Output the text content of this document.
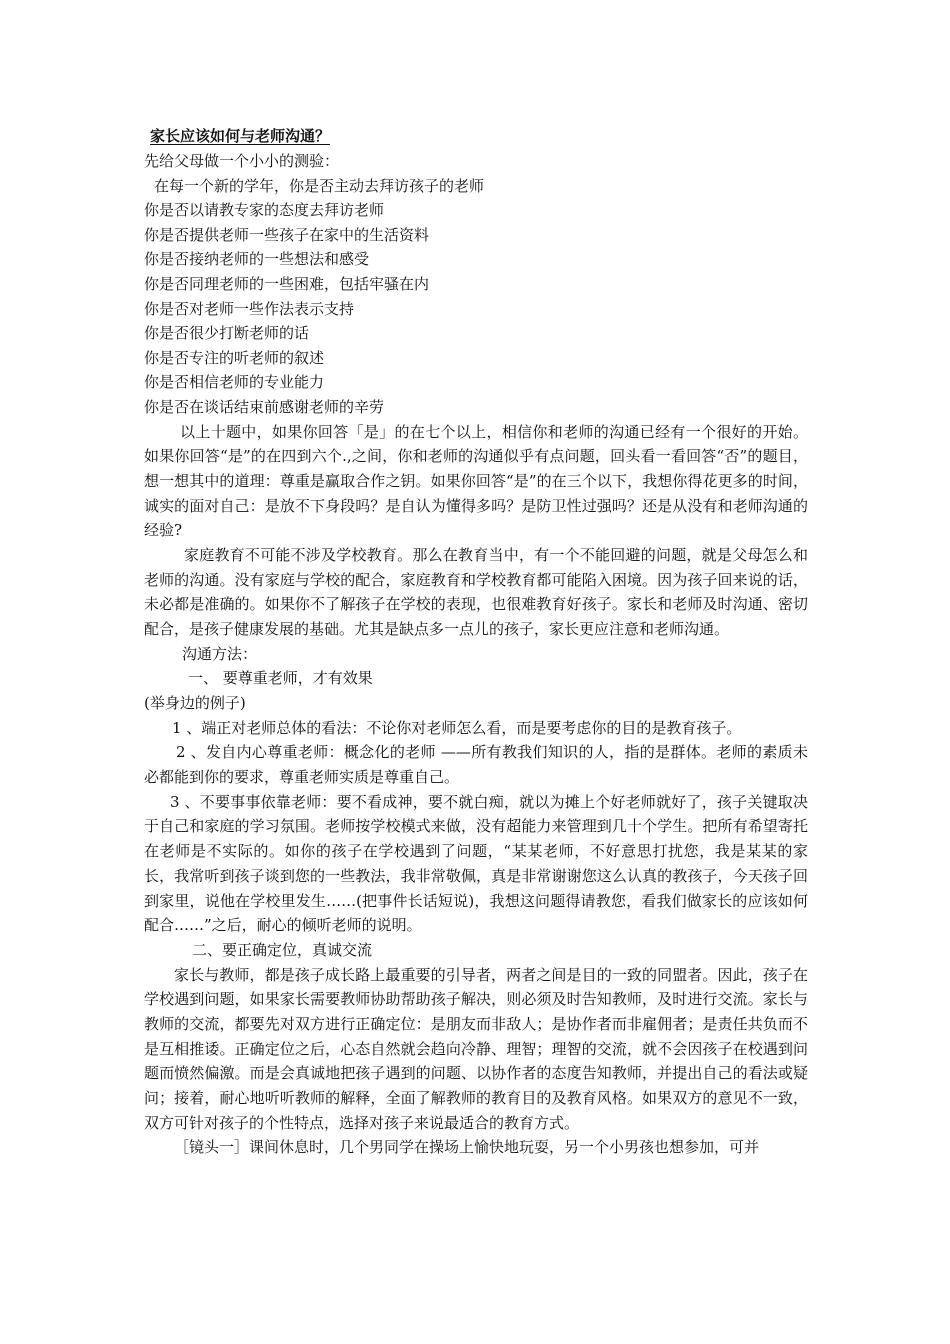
家长应该如何与老师沟通？
先给父母做一个小小的测验：
在每一个新的学年，你是否主动去拜访孩子的老师
你是否以请教专家的态度去拜访老师
你是否提供老师一些孩子在家中的生活资料
你是否接纳老师的一些想法和感受
你是否同理老师的一些困难，包括牢骚在内
你是否对老师一些作法表示支持
你是否很少打断老师的话
你是否专注的听老师的叙述
你是否相信老师的专业能力
你是否在谈话结束前感谢老师的辛劳
以上十题中，如果你回答「是」的在七个以上，相信你和老师的沟通已经有一个很好的开始。如果你回答“是”的在四到六个.,之间，你和老师的沟通似乎有点问题，回头看一看回答“否”的题目，想一想其中的道理：尊重是赢取合作之钥。如果你回答“是”的在三个以下，我想你得花更多的时间，诚实的面对自己：是放不下身段吗？是自认为懂得多吗？是防卫性过强吗？还是从没有和老师沟通的经验?
家庭教育不可能不涉及学校教育。那么在教育当中，有一个不能回避的问题，就是父母怎么和老师的沟通。没有家庭与学校的配合，家庭教育和学校教育都可能陷入困境。因为孩子回来说的话，未必都是准确的。如果你不了解孩子在学校的表现，也很难教育好孩子。家长和老师及时沟通、密切配合，是孩子健康发展的基础。尤其是缺点多一点儿的孩子，家长更应注意和老师沟通。
沟通方法：
一、 要尊重老师，才有效果
(举身边的例子)
1 、端正对老师总体的看法：不论你对老师怎么看，而是要考虑你的目的是教育孩子。
2 、发自内心尊重老师：概念化的老师 ——所有教我们知识的人，指的是群体。老师的素质未必都能到你的要求，尊重老师实质是尊重自己。
3 、不要事事依靠老师：要不看成神，要不就白痴，就以为摊上个好老师就好了，孩子关键取决于自己和家庭的学习氛围。老师按学校模式来做，没有超能力来管理到几十个学生。把所有希望寄托在老师是不实际的。如你的孩子在学校遇到了问题，“某某老师，不好意思打扰您，我是某某的家长，我常听到孩子谈到您的一些教法，我非常敬佩，真是非常谢谢您这么认真的教孩子，今天孩子回到家里，说他在学校里发生……(把事件长话短说)，我想这问题得请教您，看我们做家长的应该如何配合……”之后，耐心的倾听老师的说明。
二、要正确定位，真诚交流
家长与教师，都是孩子成长路上最重要的引导者，两者之间是目的一致的同盟者。因此，孩子在学校遇到问题，如果家长需要教师协助帮助孩子解决，则必须及时告知教师，及时进行交流。家长与教师的交流，都要先对双方进行正确定位：是朋友而非敌人；是协作者而非雇佣者；是责任共负而不是互相推诿。正确定位之后，心态自然就会趋向冷静、理智；理智的交流，就不会因孩子在校遇到问题而愤然偏激。而是会真诚地把孩子遇到的问题、以协作者的态度告知教师，并提出自己的看法或疑问；接着，耐心地听听教师的解释，全面了解教师的教育目的及教育风格。如果双方的意见不一致，双方可针对孩子的个性特点，选择对孩子来说最适合的教育方式。
［镜头一］课间休息时，几个男同学在操场上愉快地玩耍，另一个小男孩也想参加，可并
